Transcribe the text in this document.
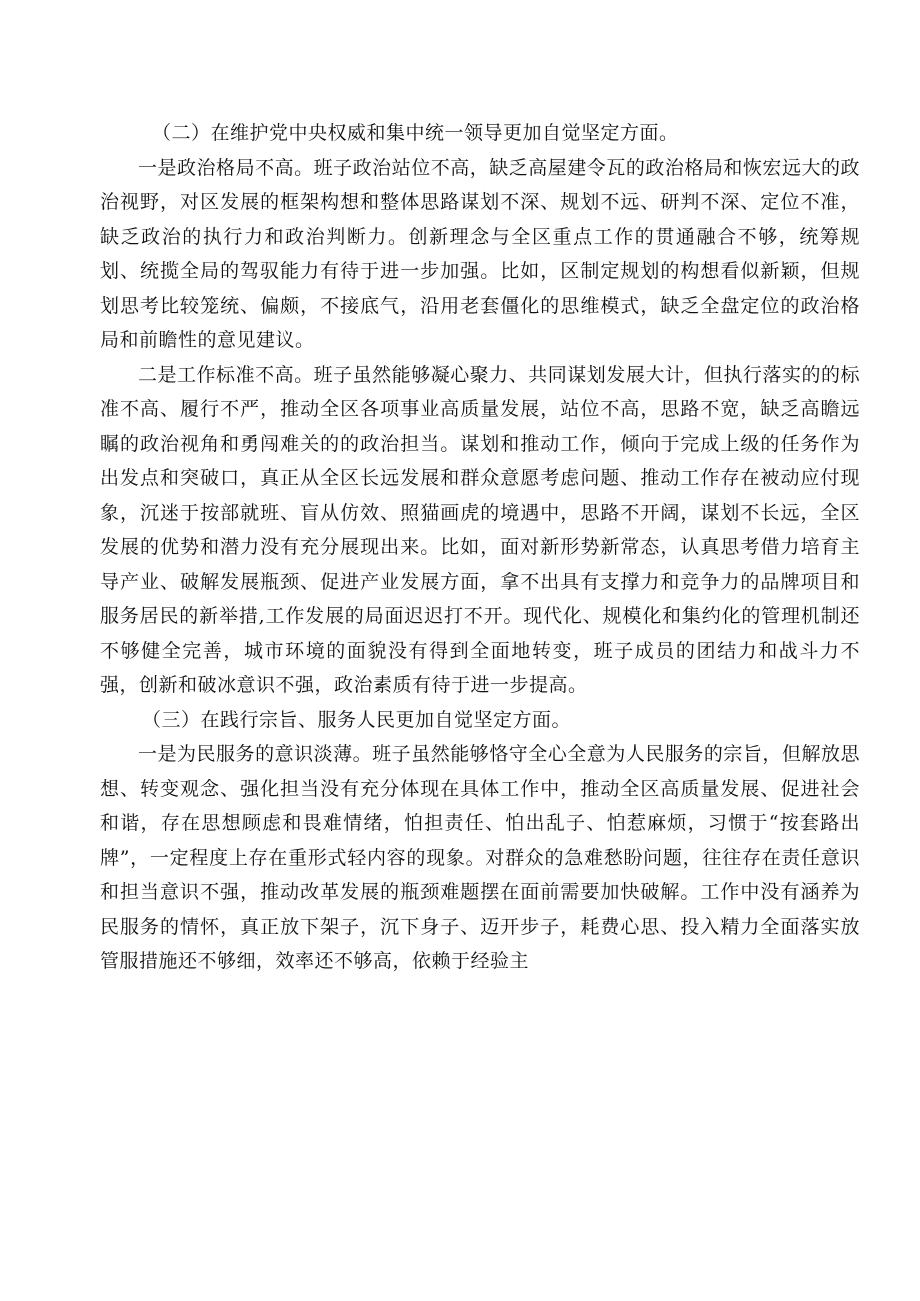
（二）在维护党中央权威和集中统一领导更加自觉坚定方面。

一是政治格局不高。班子政治站位不高，缺乏高屋建令瓦的政治格局和恢宏远大的政治视野，对区发展的框架构想和整体思路谋划不深、规划不远、研判不深、定位不准，缺乏政治的执行力和政治判断力。创新理念与全区重点工作的贯通融合不够，统筹规划、统揽全局的驾驭能力有待于进一步加强。比如，区制定规划的构想看似新颖，但规划思考比较笼统、偏颇，不接底气，沿用老套僵化的思维模式，缺乏全盘定位的政治格局和前瞻性的意见建议。

二是工作标准不高。班子虽然能够凝心聚力、共同谋划发展大计，但执行落实的的标准不高、履行不严，推动全区各项事业高质量发展，站位不高，思路不宽，缺乏高瞻远瞩的政治视角和勇闯难关的的政治担当。谋划和推动工作，倾向于完成上级的任务作为出发点和突破口，真正从全区长远发展和群众意愿考虑问题、推动工作存在被动应付现象，沉迷于按部就班、盲从仿效、照猫画虎的境遇中，思路不开阔，谋划不长远，全区发展的优势和潜力没有充分展现出来。比如，面对新形势新常态，认真思考借力培育主导产业、破解发展瓶颈、促进产业发展方面，拿不出具有支撑力和竞争力的品牌项目和服务居民的新举措,工作发展的局面迟迟打不开。现代化、规模化和集约化的管理机制还不够健全完善，城市环境的面貌没有得到全面地转变，班子成员的团结力和战斗力不强，创新和破冰意识不强，政治素质有待于进一步提高。

（三）在践行宗旨、服务人民更加自觉坚定方面。

一是为民服务的意识淡薄。班子虽然能够恪守全心全意为人民服务的宗旨，但解放思想、转变观念、强化担当没有充分体现在具体工作中，推动全区高质量发展、促进社会和谐，存在思想顾虑和畏难情绪，怕担责任、怕出乱子、怕惹麻烦，习惯于“按套路出牌”，一定程度上存在重形式轻内容的现象。对群众的急难愁盼问题，往往存在责任意识和担当意识不强，推动改革发展的瓶颈难题摆在面前需要加快破解。工作中没有涵养为民服务的情怀，真正放下架子，沉下身子、迈开步子，耗费心思、投入精力全面落实放管服措施还不够细，效率还不够高，依赖于经验主
